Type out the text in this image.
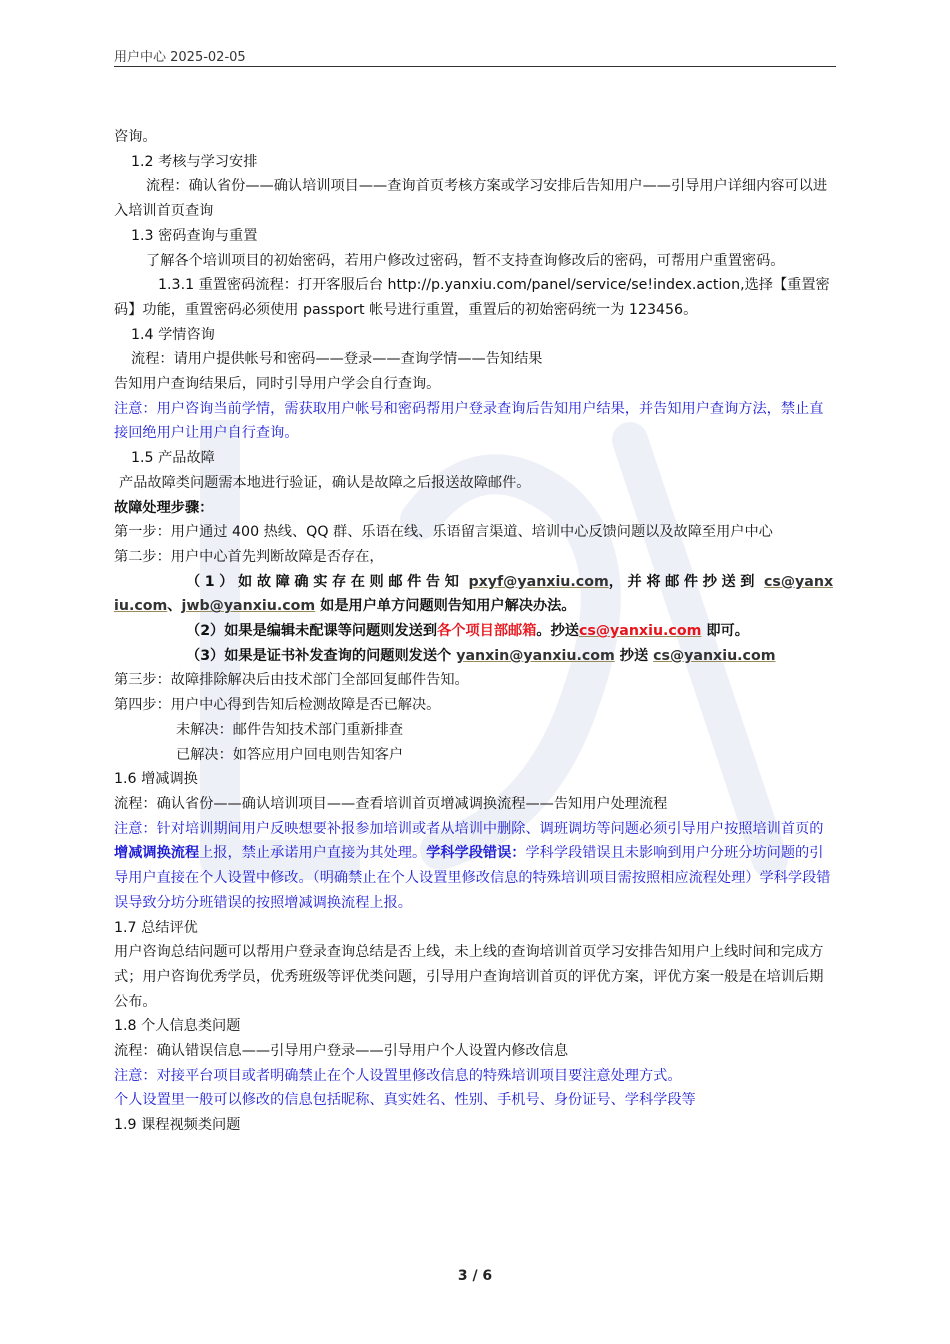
用户中心 2025-02-05

咨询。

1.2 考核与学习安排

流程：确认省份——确认培训项目——查询首页考核方案或学习安排后告知用户——引导用户详细内容可以进入培训首页查询

1.3 密码查询与重置

了解各个培训项目的初始密码，若用户修改过密码，暂不支持查询修改后的密码，可帮用户重置密码。

1.3.1 重置密码流程：打开客服后台 http://p.yanxiu.com/panel/service/se!index.action,选择【重置密码】功能，重置密码必须使用 passport 帐号进行重置，重置后的初始密码统一为 123456。

1.4 学情咨询

流程：请用户提供帐号和密码——登录——查询学情——告知结果

告知用户查询结果后，同时引导用户学会自行查询。

注意：用户咨询当前学情，需获取用户帐号和密码帮用户登录查询后告知用户结果，并告知用户查询方法，禁止直接回绝用户让用户自行查询。

1.5 产品故障

产品故障类问题需本地进行验证，确认是故障之后报送故障邮件。

故障处理步骤：

第一步：用户通过 400 热线、QQ 群、乐语在线、乐语留言渠道、培训中心反馈问题以及故障至用户中心

第二步：用户中心首先判断故障是否存在，

（1）如故障确实存在则邮件告知 pxyf@yanxiu.com，并将邮件抄送到 cs@yanxiu.com、jwb@yanxiu.com 如是用户单方问题则告知用户解决办法。

（2）如果是编辑未配课等问题则发送到各个项目部邮箱。抄送cs@yanxiu.com 即可。

（3）如果是证书补发查询的问题则发送个 yanxin@yanxiu.com 抄送 cs@yanxiu.com

第三步：故障排除解决后由技术部门全部回复邮件告知。

第四步：用户中心得到告知后检测故障是否已解决。

未解决：邮件告知技术部门重新排查

已解决：如答应用户回电则告知客户

1.6 增减调换

流程：确认省份——确认培训项目——查看培训首页增减调换流程——告知用户处理流程

注意：针对培训期间用户反映想要补报参加培训或者从培训中删除、调班调坊等问题必须引导用户按照培训首页的增减调换流程上报，禁止承诺用户直接为其处理。学科学段错误：学科学段错误且未影响到用户分班分坊问题的引导用户直接在个人设置中修改。（明确禁止在个人设置里修改信息的特殊培训项目需按照相应流程处理）学科学段错误导致分坊分班错误的按照增减调换流程上报。

1.7 总结评优

用户咨询总结问题可以帮用户登录查询总结是否上线，未上线的查询培训首页学习安排告知用户上线时间和完成方式；用户咨询优秀学员，优秀班级等评优类问题，引导用户查询培训首页的评优方案，评优方案一般是在培训后期公布。

1.8 个人信息类问题

流程：确认错误信息——引导用户登录——引导用户个人设置内修改信息

注意：对接平台项目或者明确禁止在个人设置里修改信息的特殊培训项目要注意处理方式。

个人设置里一般可以修改的信息包括昵称、真实姓名、性别、手机号、身份证号、学科学段等

1.9 课程视频类问题

3 / 6
